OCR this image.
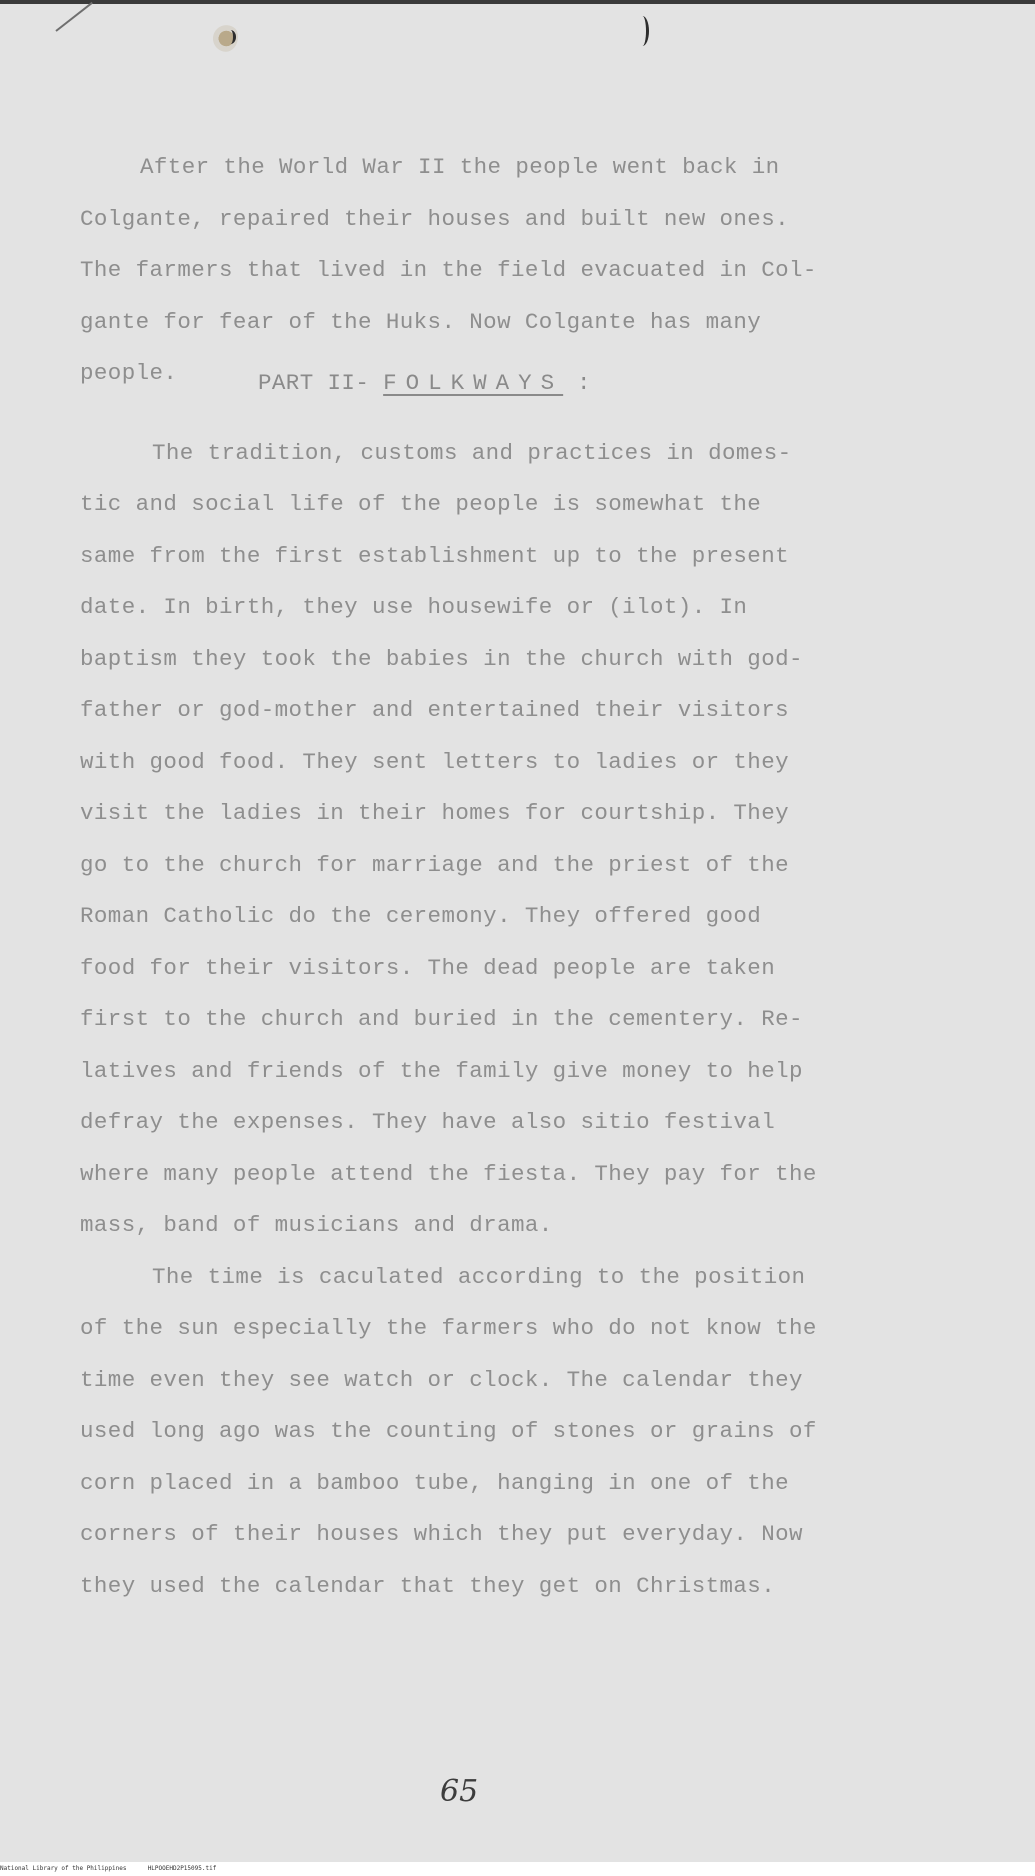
After the World War II the people went back in
Colgante, repaired their houses and built new ones.
The farmers that lived in the field evacuated in Col-
gante for fear of the Huks. Now Colgante has many
people.

The tradition, customs and practices in domes-
tic and social life of the people is somewhat the
same from the first establishment up to the present
date. In birth, they use housewife or (ilot). In
baptism they took the babies in the church with god-
father or god-mother and entertained their visitors
with good food. They sent letters to ladies or they
visit the ladies in their homes for courtship. They
go to the church for marriage and the priest of the
Roman Catholic do the ceremony. They offered good
food for their visitors. The dead people are taken
first to the church and buried in the cementery. Re-
latives and friends of the family give money to help
defray the expenses. They have also sitio festival
where many people attend the fiesta. They pay for the
mass, band of musicians and drama.

The time is caculated according to the position
of the sun especially the farmers who do not know the
time even they see watch or clock. The calendar they
used long ago was the counting of stones or grains of
corn placed in a bamboo tube, hanging in one of the
corners of their houses which they put everyday. Now
they used the calendar that they get on Christmas.

PART II- FOLKWAYS :
65
National Library of the Philippines	HLPOOEHD2P15095.tif
